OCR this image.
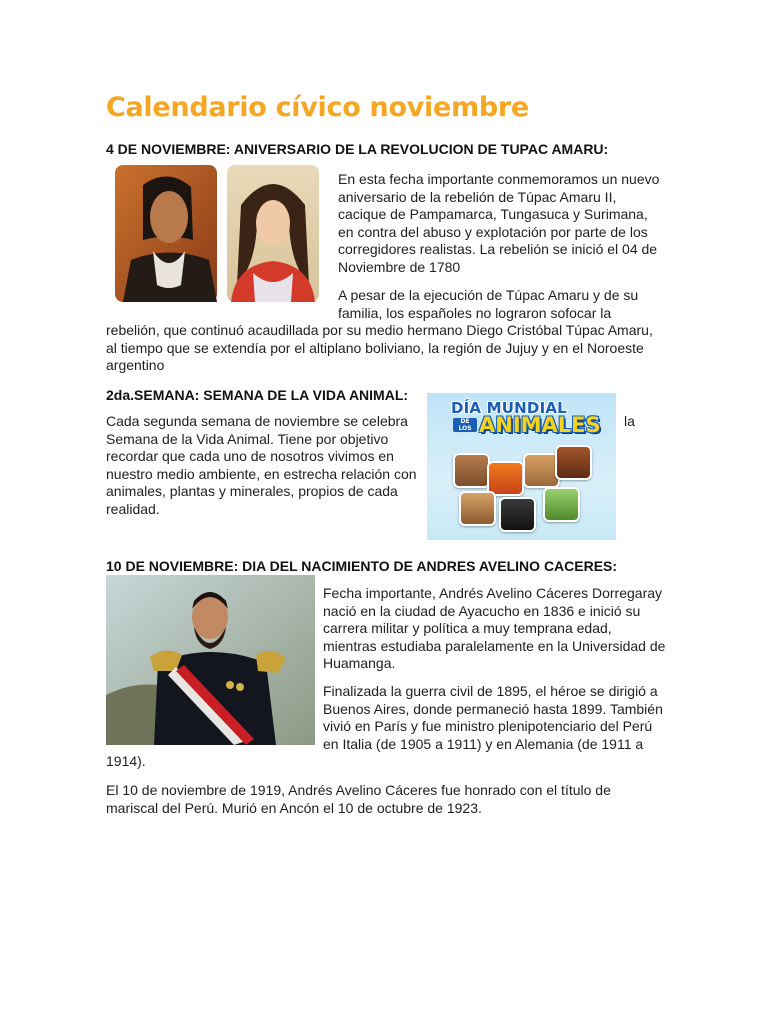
Calendario cívico noviembre
4 DE NOVIEMBRE: ANIVERSARIO DE LA REVOLUCION DE TUPAC AMARU:

En esta fecha importante conmemoramos un nuevo
aniversario de la rebelión de Túpac Amaru II,
cacique de Pampamarca, Tungasuca y Surimana,
en contra del abuso y explotación por parte de los
corregidores realistas. La rebelión se inició el 04 de
Noviembre de 1780

A pesar de la ejecución de Túpac Amaru y de su
familia, los españoles no lograron sofocar la
rebelión, que continuó acaudillada por su medio hermano Diego Cristóbal Túpac Amaru,
al tiempo que se extendía por el altiplano boliviano, la región de Jujuy y en el Noroeste
argentino

2da.SEMANA: SEMANA DE LA VIDA ANIMAL:

Cada segunda semana de noviembre se celebra
Semana de la Vida Animal. Tiene por objetivo
recordar que cada uno de nosotros vivimos en
nuestro medio ambiente, en estrecha relación con
animales, plantas y minerales, propios de cada
realidad.

la
DÍA MUNDIAL
DE LOS ANIMALES
10 DE NOVIEMBRE: DIA DEL NACIMIENTO DE ANDRES AVELINO CACERES:

Fecha importante, Andrés Avelino Cáceres Dorregaray
nació en la ciudad de Ayacucho en 1836 e inició su
carrera militar y política a muy temprana edad,
mientras estudiaba paralelamente en la Universidad de
Huamanga.

Finalizada la guerra civil de 1895, el héroe se dirigió a
Buenos Aires, donde permaneció hasta 1899. También
vivió en París y fue ministro plenipotenciario del Perú
en Italia (de 1905 a 1911) y en Alemania (de 1911 a
1914).

El 10 de noviembre de 1919, Andrés Avelino Cáceres fue honrado con el título de
mariscal del Perú. Murió en Ancón el 10 de octubre de 1923.
